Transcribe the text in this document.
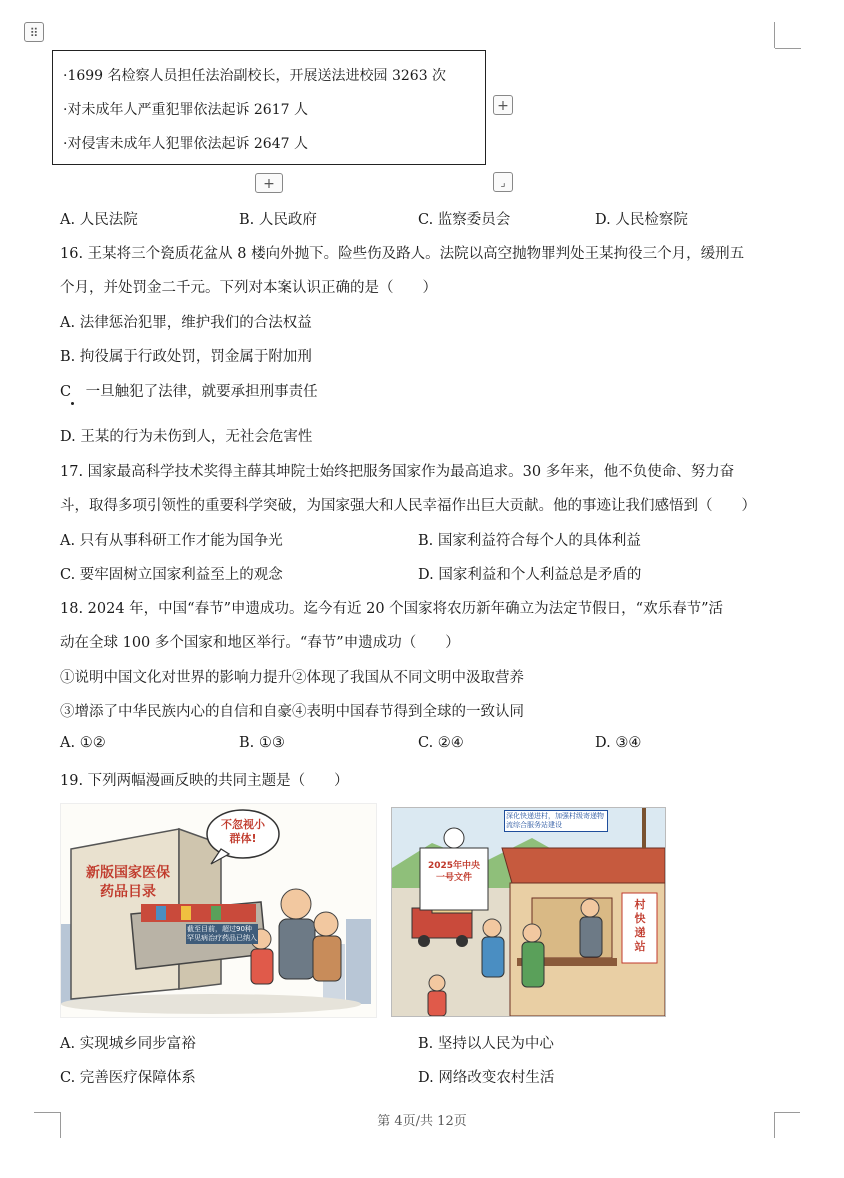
⠿
·1699 名检察人员担任法治副校长，开展送法进校园 3263 次
·对未成年人严重犯罪依法起诉 2617 人
·对侵害未成年人犯罪依法起诉 2647 人
+
+	⌟
A. 人民法院	B. 人民政府	C. 监察委员会	D. 人民检察院
16. 王某将三个瓷质花盆从 8 楼向外抛下。险些伤及路人。法院以高空抛物罪判处王某拘役三个月，缓刑五
个月，并处罚金二千元。下列对本案认识正确的是（　　）
A. 法律惩治犯罪，维护我们的合法权益
B. 拘役属于行政处罚，罚金属于附加刑
C　一旦触犯了法律，就要承担刑事责任
D. 王某的行为未伤到人，无社会危害性
17. 国家最高科学技术奖得主薛其坤院士始终把服务国家作为最高追求。30 多年来，他不负使命、努力奋
斗，取得多项引领性的重要科学突破，为国家强大和人民幸福作出巨大贡献。他的事迹让我们感悟到（　　）
A. 只有从事科研工作才能为国争光	B. 国家利益符合每个人的具体利益
C. 要牢固树立国家利益至上的观念	D. 国家利益和个人利益总是矛盾的
18. 2024 年，中国“春节”申遗成功。迄今有近 20 个国家将农历新年确立为法定节假日，“欢乐春节”活
动在全球 100 多个国家和地区举行。“春节”申遗成功（　　）
①说明中国文化对世界的影响力提升②体现了我国从不同文明中汲取营养
③增添了中华民族内心的自信和自豪④表明中国春节得到全球的一致认同
A. ①②	B. ①③	C. ②④	D. ③④
19. 下列两幅漫画反映的共同主题是（　　）
不忽视小群体!
新版国家医保药品目录
截至目前，超过90种罕见病治疗药品已纳入
深化快递进村，加强村级寄递物流综合服务站建设
2025年中央一号文件
村快递站
A. 实现城乡同步富裕	B. 坚持以人民为中心
C. 完善医疗保障体系	D. 网络改变农村生活
第 4页/共 12页
